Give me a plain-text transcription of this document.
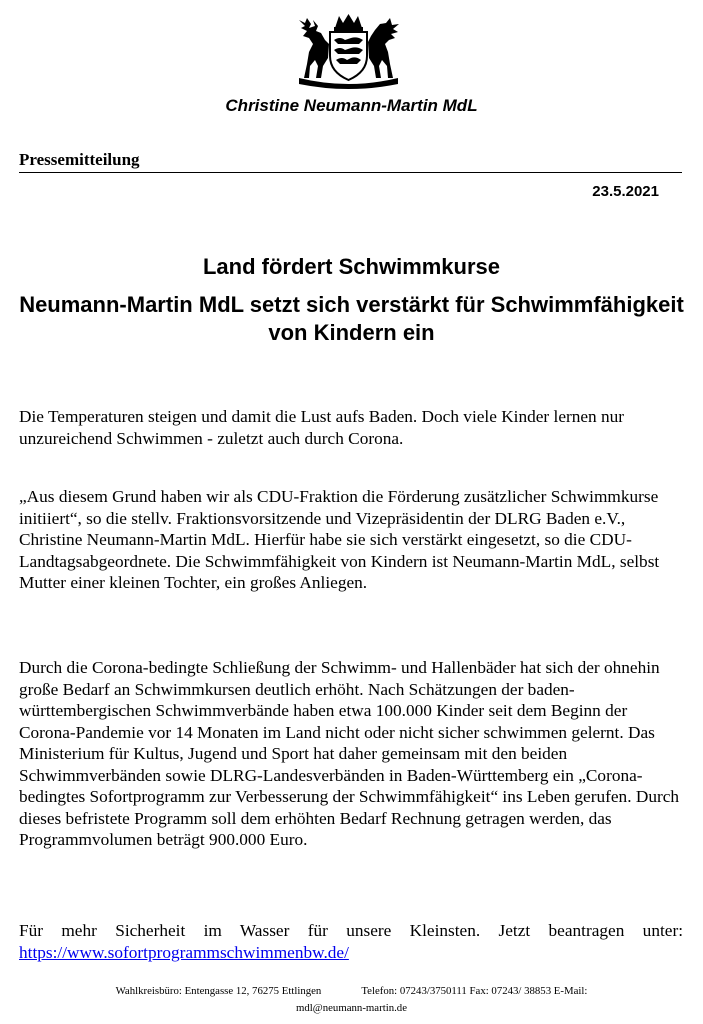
Christine Neumann-Martin MdL
Pressemitteilung
23.5.2021
Land fördert Schwimmkurse
Neumann-Martin MdL setzt sich verstärkt für Schwimmfähigkeit von Kindern ein

Die Temperaturen steigen und damit die Lust aufs Baden. Doch viele Kinder lernen nur unzureichend Schwimmen - zuletzt auch durch Corona.

„Aus diesem Grund haben wir als CDU-Fraktion die Förderung zusätzlicher Schwimmkurse initiiert“, so die stellv. Fraktionsvorsitzende und Vizepräsidentin der DLRG Baden e.V., Christine Neumann-Martin MdL. Hierfür habe sie sich verstärkt eingesetzt, so die CDU-Landtagsabgeordnete. Die Schwimmfähigkeit von Kindern ist Neumann-Martin MdL, selbst Mutter einer kleinen Tochter, ein großes Anliegen.

Durch die Corona-bedingte Schließung der Schwimm- und Hallenbäder hat sich der ohnehin große Bedarf an Schwimmkursen deutlich erhöht. Nach Schätzungen der baden-württembergischen Schwimmverbände haben etwa 100.000 Kinder seit dem Beginn der Corona-Pandemie vor 14 Monaten im Land nicht oder nicht sicher schwimmen gelernt. Das Ministerium für Kultus, Jugend und Sport hat daher gemeinsam mit den beiden Schwimmverbänden sowie DLRG-Landesverbänden in Baden-Württemberg ein „Corona-bedingtes Sofortprogramm zur Verbesserung der Schwimmfähigkeit“ ins Leben gerufen. Durch dieses befristete Programm soll dem erhöhten Bedarf Rechnung getragen werden, das Programmvolumen beträgt 900.000 Euro.

Für mehr Sicherheit im Wasser für unsere Kleinsten. Jetzt beantragen unter: https://www.sofortprogrammschwimmenbw.de/

Wahlkreisbüro: Entengasse 12, 76275 Ettlingen	Telefon: 07243/3750111 Fax: 07243/ 38853 E-Mail:
mdl@neumann-martin.de
